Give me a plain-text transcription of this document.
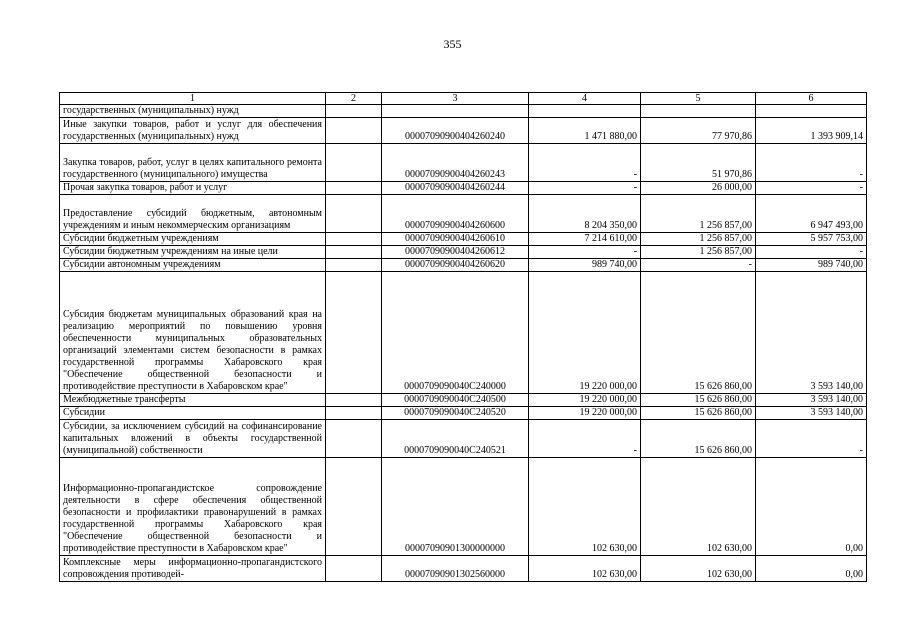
355
1	2	3	4	5	6
государственных (муниципальных) нужд					
Иные закупки товаров, работ и услуг для обеспечения государственных (муниципальных) нужд		00007090900404260240	1 471 880,00	77 970,86	1 393 909,14
Закупка товаров, работ, услуг в целях капитального ремонта государственного (муниципального) имущества		00007090900404260243	-	51 970,86	-
Прочая закупка товаров, работ и услуг		00007090900404260244	-	26 000,00	-
Предоставление субсидий бюджетным, автономным учреждениям и иным некоммерческим организациям		00007090900404260600	8 204 350,00	1 256 857,00	6 947 493,00
Субсидии бюджетным учреждениям		00007090900404260610	7 214 610,00	1 256 857,00	5 957 753,00
Субсидии бюджетным учреждениям на иные цели		00007090900404260612	-	1 256 857,00	-
Субсидии автономным учреждениям		00007090900404260620	989 740,00	-	989 740,00
Субсидия бюджетам муниципальных образований края на реализацию мероприятий по повышению уровня обеспеченности муниципальных образовательных организаций элементами систем безопасности в рамках государственной программы Хабаровского края "Обеспечение общественной безопасности и противодействие преступности в Хабаровском крае"		0000709090040C240000	19 220 000,00	15 626 860,00	3 593 140,00
Межбюджетные трансферты		0000709090040C240500	19 220 000,00	15 626 860,00	3 593 140,00
Субсидии		0000709090040C240520	19 220 000,00	15 626 860,00	3 593 140,00
Субсидии, за исключением субсидий на софинансирование капитальных вложений в объекты государственной (муниципальной) собственности		0000709090040C240521	-	15 626 860,00	-
Информационно-пропагандистское сопровождение деятельности в сфере обеспечения общественной безопасности и профилактики правонарушений в рамках государственной программы Хабаровского края "Обеспечение общественной безопасности и противодействие преступности в Хабаровском крае"		00007090901300000000	102 630,00	102 630,00	0,00
Комплексные меры информационно-пропагандистского сопровождения противодей-		00007090901302560000	102 630,00	102 630,00	0,00
